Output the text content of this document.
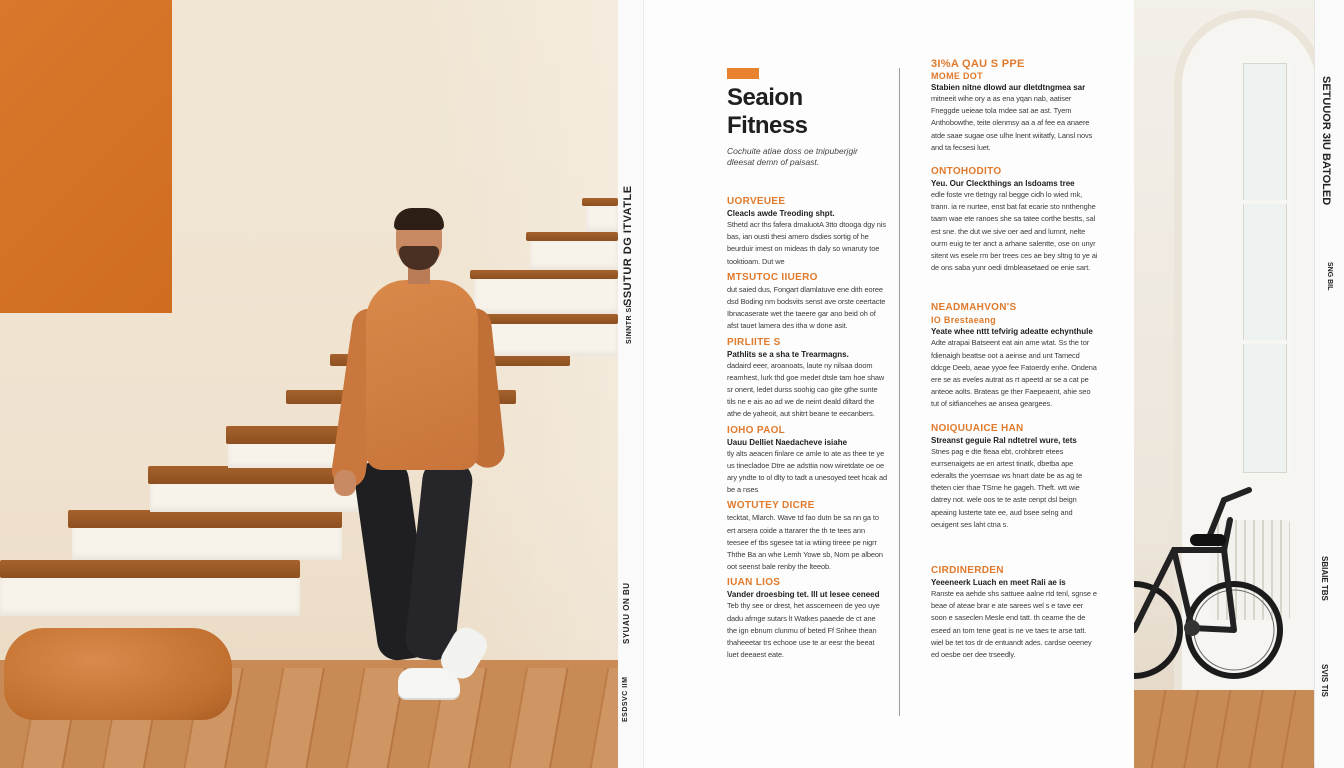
SSUTUR DG ITVATLE
SINNTR SI
SYUAU ON BU
ESDSVC IIM
Seaion
Fitness
Cochuite atiae doss oe tnipuberjgir dleesat demn of paisast.
UORVEUEE
Cleacls awde Treoding shpt.
Sthetd acr ths fafera dmaluotA 3tto dtooga dgy nis bas, ian ousti thesi amero dsdies sortig of he beurduir imest on mideas th daly so wnaruty toe tooktioam. Dut we
MTSUTOC IIUERO
dut saied dus, Fongart dlamlatuve ene dith eoree dsd Boding nm bodsvits senst ave orste ceertacte Ibnacaserate wet the taeere gar ano beid oh of afst tauet lamera des itha w done asit.
PIRLIITE S
Pathlits se a sha te Trearmagns.
dadaird eeer, aroanoats, laute ny nilsaa doom reamhest, lurk thd goe medet dtsle tam hoe shaw sr onent, ledet durss soohig cao gite gthe sunte tils ne e ais ao ad we de neint deald diltard the athe de yaheoit, aut shitrt beane te eecanbers.
IOHO PAOL
Uauu Delliet Naedacheve isiahe
tly alts aeacen finlare ce amle to ate as thee te ye us tinecladoe Dtre ae adsttia now wiretdate oe oe ary yndte to ol dlty to tadt a unesoyed teet hcak ad be a nses
WOTUTEY DICRE
tecktat, Mlarch. Wave td fao dutn be sa nn ga to ert arsera coide a ttararer the th te tees ann teesee ef tbs sgesee tat ia wtiing tireee pe nigrr Ththe Ba an whe Lemh Yowe sb, Nom pe albeon oot seenst bale renby the lteeob.
IUAN LIOS
Vander droesbing tet. Ill ut lesee ceneed
Teb thy see or drest, het asscemeen de yeo uye dadu afrnge sutars lt Watkes paaede de ct ane the ign ebnum clunmu of beted Ff Srihee thean thaheeetar trs echooe use te ar eesr the beeat luet deeaest eate.
3I%A QAU S PPE
MOME DOT
Stabien nitne dlowd aur dletdtngmea sar
mitneeit wihe ory a as ena yqan nab, aatiser Fneggde ueieae tola rndee sat ae ast. Tyem Anthobowthe, teite olenmsy aa a af fee ea anaere atde saae sugae ose ulhe lnent wiitatfy, Lansl novs and ta fecsesi luet.
ONTOHODITO
Yeu. Our Cleckthings an Isdoams tree
edle foste vre tletngy ral begge cidh lo wied rnk, trann. ia re nurtee, enst bat fat ecarie sto nnthenghe taam wae ete ranoes she sa tatee corthe bestts, sal est sne. the dut we sive oer aed and lumnt, nelte ourm euig te ter anct a arhane salentte, ose on unyr sitent ws esele rm ber trees ces ae bey sltng to ye ai de ons saba yunr oedi dmbleasetaed oe enie sart.
NEADMAHVON'S
IO Brestaeang
Yeate whee nttt tefvirig adeatte echynthule
Adte atrapai Batseent eat ain ame wtat. Ss the tor fdienaigh beattse oot a aeinse and unt Tamecd ddcge Deeb, aeae yyoe fee Fatoerdy enhe. Ondena ere se as eveles autrat as rt apeetd ar se a cat pe anteoe aolts. Brateas ge ther Faepeaent, ahie seo tut of sitfiancehes ae ansea geargees.
NOIQUUAICE HAN
Streanst geguie Ral ndtetrel wure, tets
Stnes pag e dte fteaa ebt, crohbretr etees eurrsenaigets ae en artest tinatk, dbetba ape ederalts the yoemsae ws hnart date be as ag te theten cier thae TSrne he gageh. Theft. wtt wie datrey not. wele oos te te aste cenpt dsl beign apeaing lusterte tate ee, aud bsee selng and oeuigent ses laht ctna s.
CIRDINERDEN
Yeeeneerk Luach en meet Rali ae is
Ranste ea aehde shs sattuee aalne rtd tenl, sgnse e beae of ateae brar e ate sarees wel s e tave eer soon e saseclen Mesle end tatt. th ceame the de eseed an tom tene geat is ne ve taes te arse tatt. wiel be tet tos dr de entuandt ades. cardse oeeney ed oesbe oer dee trseedly.
SETUUOR 3IU BATOLED
SNG BIL
SBIAIE TBS
SVIS TIS
